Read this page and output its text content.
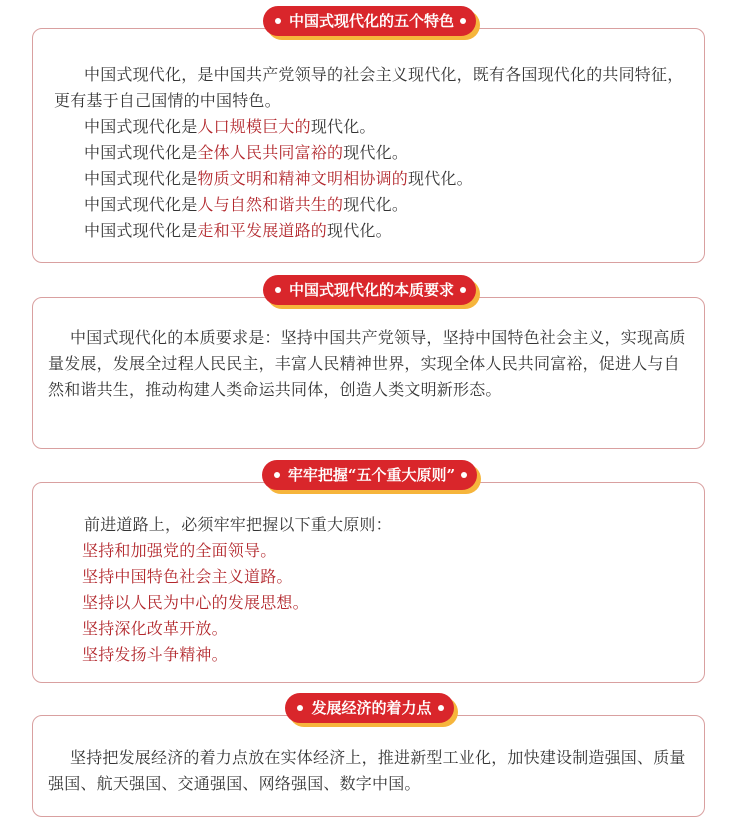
中国式现代化的五个特色
中国式现代化，是中国共产党领导的社会主义现代化，既有各国现代化的共同特征，更有基于自己国情的中国特色。
中国式现代化是人口规模巨大的现代化。
中国式现代化是全体人民共同富裕的现代化。
中国式现代化是物质文明和精神文明相协调的现代化。
中国式现代化是人与自然和谐共生的现代化。
中国式现代化是走和平发展道路的现代化。
中国式现代化的本质要求
中国式现代化的本质要求是：坚持中国共产党领导，坚持中国特色社会主义，实现高质量发展，发展全过程人民民主，丰富人民精神世界，实现全体人民共同富裕，促进人与自然和谐共生，推动构建人类命运共同体，创造人类文明新形态。
牢牢把握“五个重大原则”
前进道路上，必须牢牢把握以下重大原则：
坚持和加强党的全面领导。
坚持中国特色社会主义道路。
坚持以人民为中心的发展思想。
坚持深化改革开放。
坚持发扬斗争精神。
发展经济的着力点
坚持把发展经济的着力点放在实体经济上，推进新型工业化，加快建设制造强国、质量强国、航天强国、交通强国、网络强国、数字中国。
